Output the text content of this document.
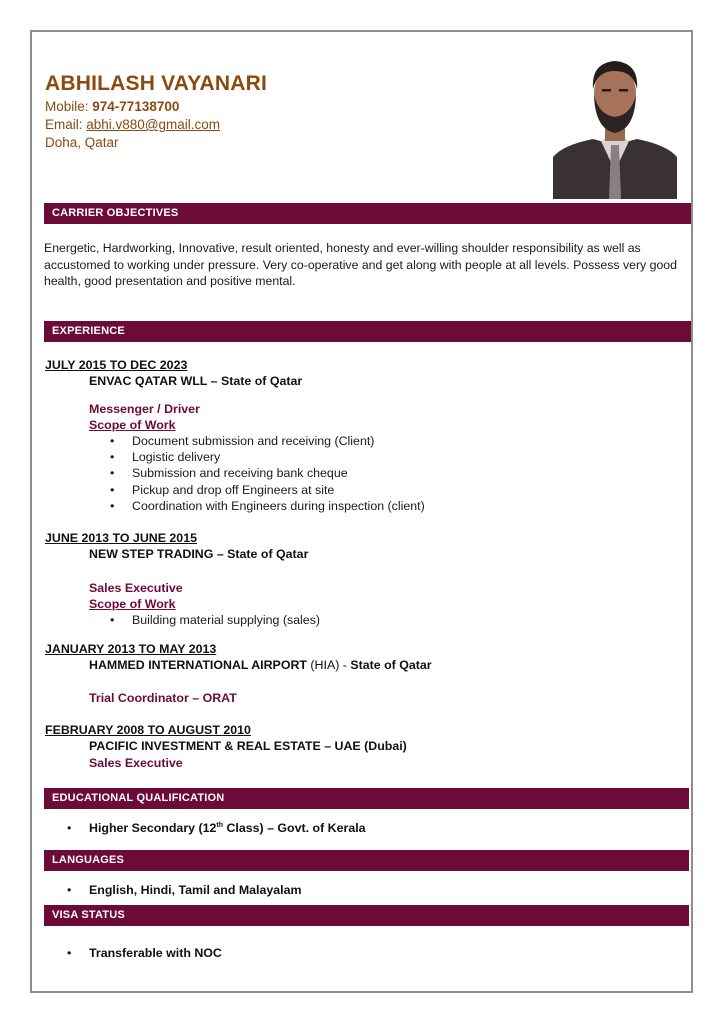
ABHILASH VAYANARI
Mobile: 974-77138700
Email: abhi.v880@gmail.com
Doha, Qatar
CARRIER OBJECTIVES
Energetic, Hardworking, Innovative, result oriented, honesty and ever-willing shoulder responsibility as well as accustomed to working under pressure. Very co-operative and get along with people at all levels. Possess very good health, good presentation and positive mental.
EXPERIENCE
JULY 2015 TO DEC 2023
ENVAC QATAR WLL – State of Qatar
Messenger / Driver
Scope of Work
• Document submission and receiving (Client)
• Logistic delivery
• Submission and receiving bank cheque
• Pickup and drop off Engineers at site
• Coordination with Engineers during inspection (client)
JUNE 2013 TO JUNE 2015
NEW STEP TRADING – State of Qatar
Sales Executive
Scope of Work
• Building material supplying (sales)
JANUARY 2013 TO MAY 2013
HAMMED INTERNATIONAL AIRPORT (HIA) - State of Qatar
Trial Coordinator – ORAT
FEBRUARY 2008 TO AUGUST 2010
PACIFIC INVESTMENT & REAL ESTATE – UAE (Dubai)
Sales Executive
EDUCATIONAL QUALIFICATION
• Higher Secondary (12th Class) – Govt. of Kerala
LANGUAGES
• English, Hindi, Tamil and Malayalam
VISA STATUS
• Transferable with NOC
